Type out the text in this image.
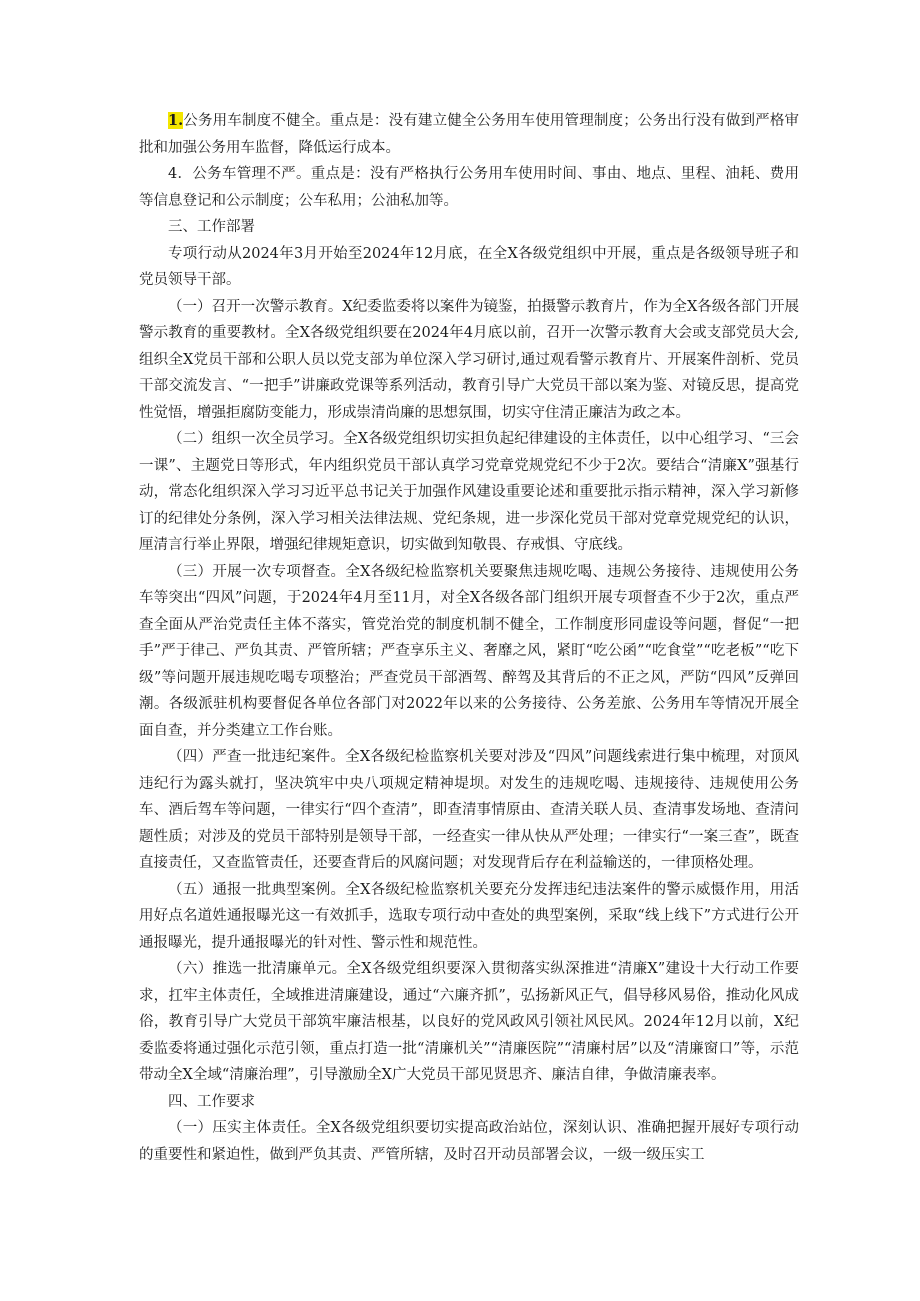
1.公务用车制度不健全。重点是：没有建立健全公务用车使用管理制度；公务出行没有做到严格审批和加强公务用车监督，降低运行成本。

4．公务车管理不严。重点是：没有严格执行公务用车使用时间、事由、地点、里程、油耗、费用等信息登记和公示制度；公车私用；公油私加等。

三、工作部署

专项行动从2024年3月开始至2024年12月底，在全X各级党组织中开展，重点是各级领导班子和党员领导干部。

（一）召开一次警示教育。X纪委监委将以案件为镜鉴，拍摄警示教育片，作为全X各级各部门开展警示教育的重要教材。全X各级党组织要在2024年4月底以前，召开一次警示教育大会或支部党员大会,组织全X党员干部和公职人员以党支部为单位深入学习研讨,通过观看警示教育片、开展案件剖析、党员干部交流发言、“一把手”讲廉政党课等系列活动，教育引导广大党员干部以案为鉴、对镜反思，提高党性觉悟，增强拒腐防变能力，形成崇清尚廉的思想氛围，切实守住清正廉洁为政之本。

（二）组织一次全员学习。全X各级党组织切实担负起纪律建设的主体责任，以中心组学习、“三会一课”、主题党日等形式，年内组织党员干部认真学习党章党规党纪不少于2次。要结合“清廉X”强基行动，常态化组织深入学习习近平总书记关于加强作风建设重要论述和重要批示指示精神，深入学习新修订的纪律处分条例，深入学习相关法律法规、党纪条规，进一步深化党员干部对党章党规党纪的认识，厘清言行举止界限，增强纪律规矩意识，切实做到知敬畏、存戒惧、守底线。

（三）开展一次专项督查。全X各级纪检监察机关要聚焦违规吃喝、违规公务接待、违规使用公务车等突出“四风”问题，于2024年4月至11月，对全X各级各部门组织开展专项督查不少于2次，重点严查全面从严治党责任主体不落实，管党治党的制度机制不健全，工作制度形同虚设等问题，督促“一把手”严于律己、严负其责、严管所辖；严查享乐主义、奢靡之风，紧盯“吃公函”“吃食堂”“吃老板”“吃下级”等问题开展违规吃喝专项整治；严查党员干部酒驾、醉驾及其背后的不正之风，严防“四风”反弹回潮。各级派驻机构要督促各单位各部门对2022年以来的公务接待、公务差旅、公务用车等情况开展全面自查，并分类建立工作台账。

（四）严查一批违纪案件。全X各级纪检监察机关要对涉及“四风”问题线索进行集中梳理，对顶风违纪行为露头就打，坚决筑牢中央八项规定精神堤坝。对发生的违规吃喝、违规接待、违规使用公务车、酒后驾车等问题，一律实行“四个查清”，即查清事情原由、查清关联人员、查清事发场地、查清问题性质；对涉及的党员干部特别是领导干部，一经查实一律从快从严处理；一律实行“一案三查”，既查直接责任，又查监管责任，还要查背后的风腐问题；对发现背后存在利益输送的，一律顶格处理。

（五）通报一批典型案例。全X各级纪检监察机关要充分发挥违纪违法案件的警示威慑作用，用活用好点名道姓通报曝光这一有效抓手，选取专项行动中查处的典型案例，采取“线上线下”方式进行公开通报曝光，提升通报曝光的针对性、警示性和规范性。

（六）推选一批清廉单元。全X各级党组织要深入贯彻落实纵深推进“清廉X”建设十大行动工作要求，扛牢主体责任，全域推进清廉建设，通过“六廉齐抓”，弘扬新风正气，倡导移风易俗，推动化风成俗，教育引导广大党员干部筑牢廉洁根基，以良好的党风政风引领社风民风。2024年12月以前，X纪委监委将通过强化示范引领，重点打造一批“清廉机关”“清廉医院”“清廉村居”以及“清廉窗口”等，示范带动全X全域“清廉治理”，引导激励全X广大党员干部见贤思齐、廉洁自律，争做清廉表率。

四、工作要求

（一）压实主体责任。全X各级党组织要切实提高政治站位，深刻认识、准确把握开展好专项行动的重要性和紧迫性，做到严负其责、严管所辖，及时召开动员部署会议，一级一级压实工
